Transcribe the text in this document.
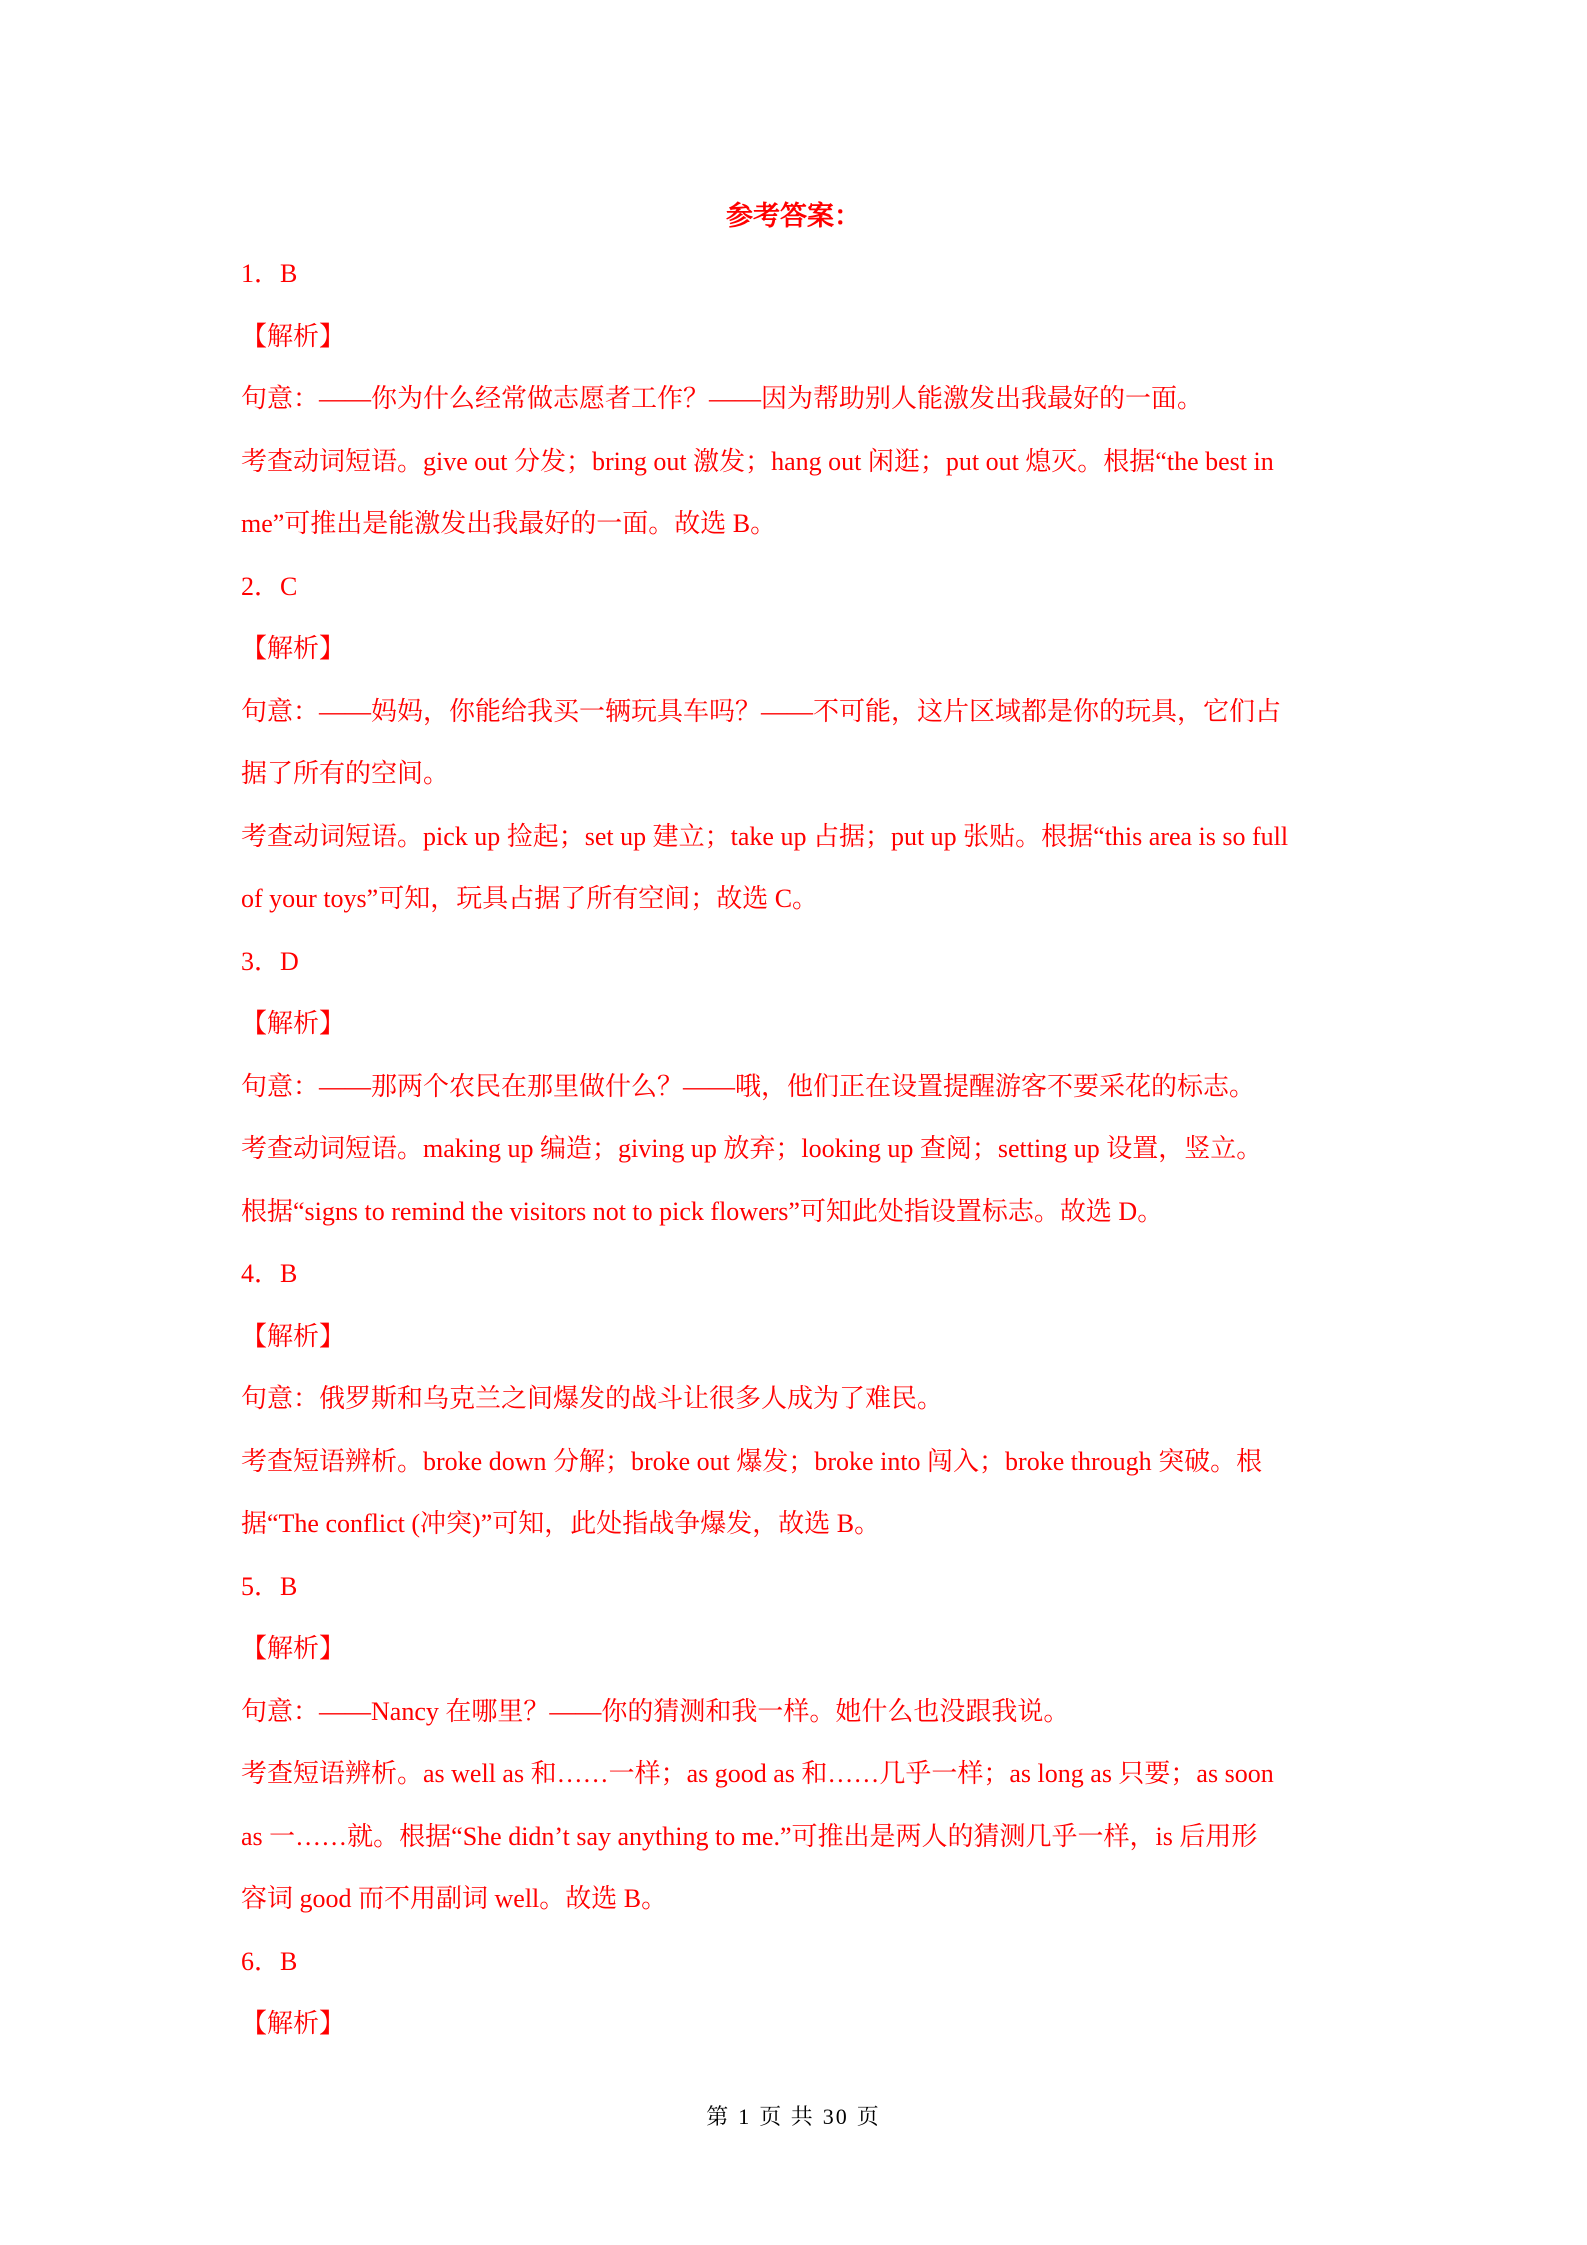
参考答案：
1．B
【解析】
句意：——你为什么经常做志愿者工作？——因为帮助别人能激发出我最好的一面。
考查动词短语。give out 分发；bring out 激发；hang out 闲逛；put out 熄灭。根据“the best in
me”可推出是能激发出我最好的一面。故选 B。
2．C
【解析】
句意：——妈妈，你能给我买一辆玩具车吗？——不可能，这片区域都是你的玩具，它们占
据了所有的空间。
考查动词短语。pick up 捡起；set up 建立；take up 占据；put up 张贴。根据“this area is so full
of your toys”可知，玩具占据了所有空间；故选 C。
3．D
【解析】
句意：——那两个农民在那里做什么？——哦，他们正在设置提醒游客不要采花的标志。
考查动词短语。making up 编造；giving up 放弃；looking up 查阅；setting up 设置，竖立。
根据“signs to remind the visitors not to pick flowers”可知此处指设置标志。故选 D。
4．B
【解析】
句意：俄罗斯和乌克兰之间爆发的战斗让很多人成为了难民。
考查短语辨析。broke down 分解；broke out 爆发；broke into 闯入；broke through 突破。根
据“The conflict (冲突)”可知，此处指战争爆发，故选 B。
5．B
【解析】
句意：——Nancy 在哪里？——你的猜测和我一样。她什么也没跟我说。
考查短语辨析。as well as 和……一样；as good as 和……几乎一样；as long as 只要；as soon
as 一……就。根据“She didn’t say anything to me.”可推出是两人的猜测几乎一样，is 后用形
容词 good 而不用副词 well。故选 B。
6．B
【解析】
第 1 页 共 30 页
